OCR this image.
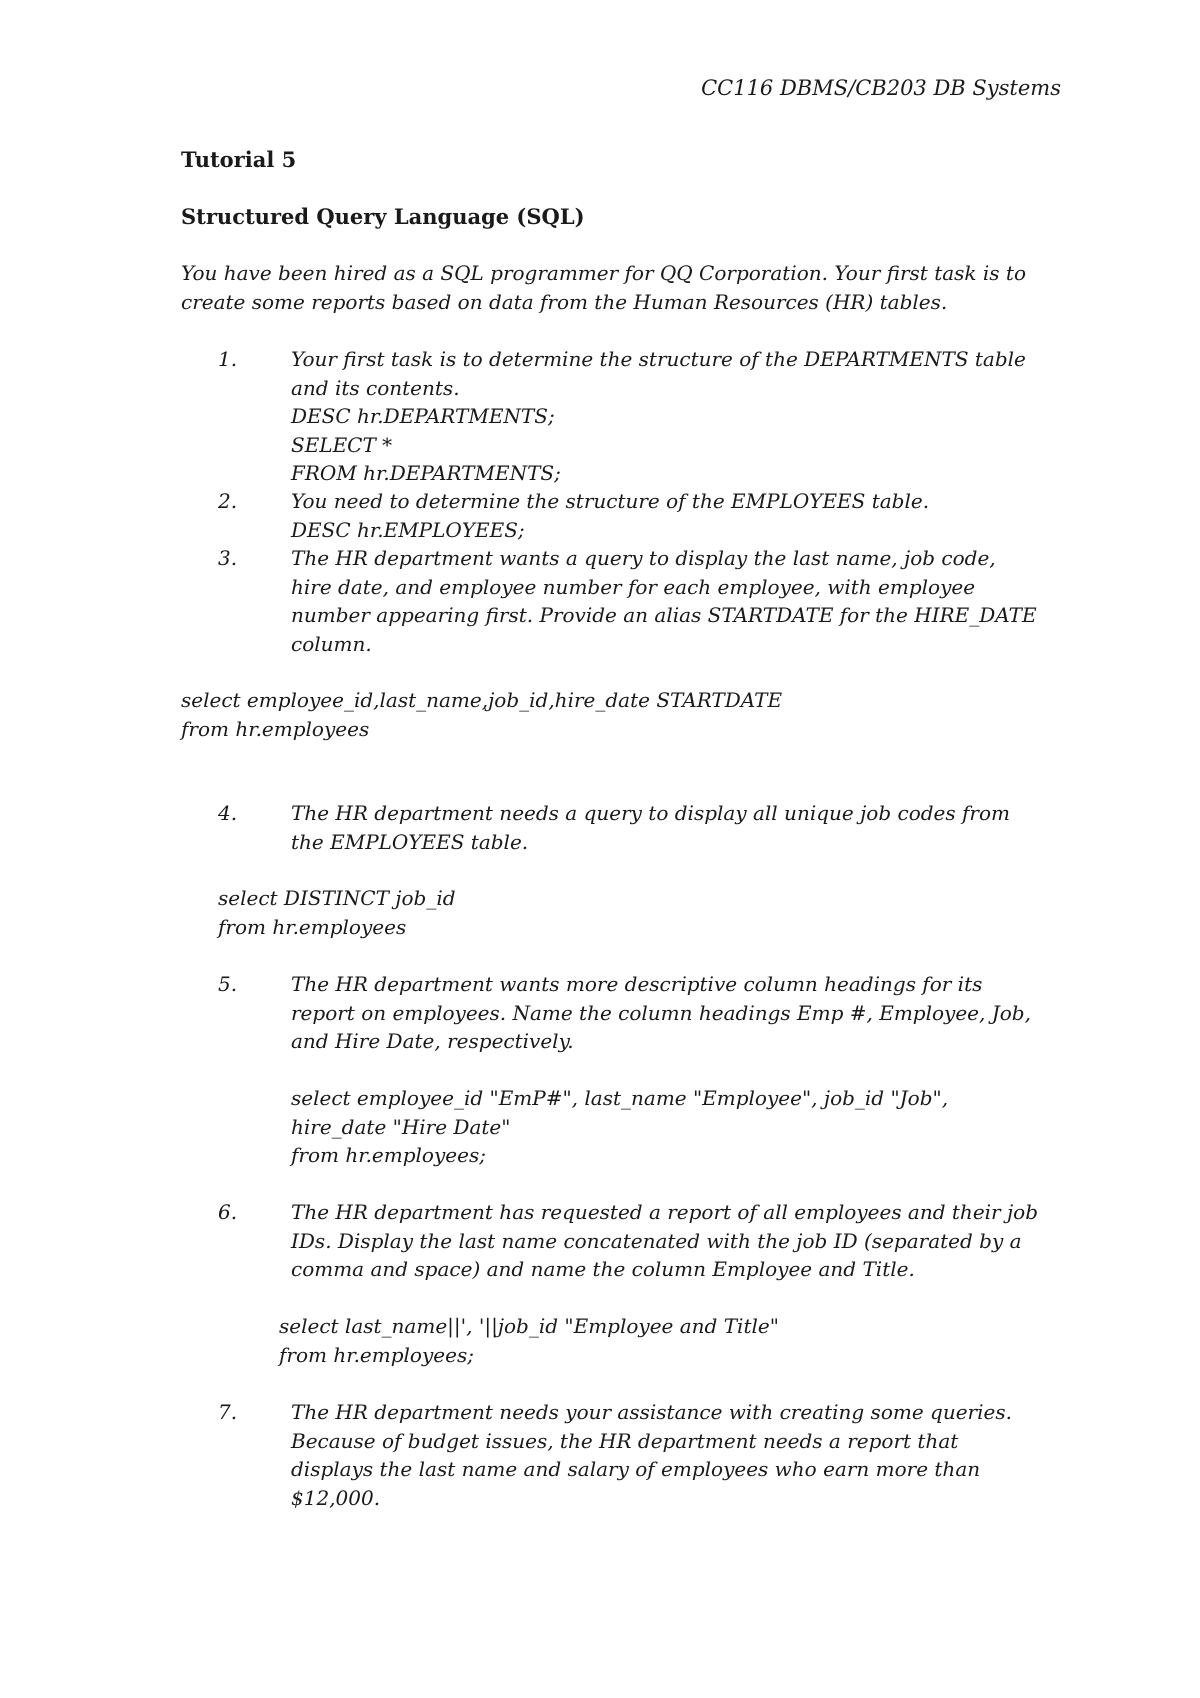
CC116 DBMS/CB203 DB Systems
Tutorial 5
Structured Query Language (SQL)
You have been hired as a SQL programmer for QQ Corporation. Your first task is to
create some reports based on data from the Human Resources (HR) tables.
1.	Your first task is to determine the structure of the DEPARTMENTS table
and its contents.
DESC hr.DEPARTMENTS;
SELECT *
FROM hr.DEPARTMENTS;
2.	You need to determine the structure of the EMPLOYEES table.
DESC hr.EMPLOYEES;
3.	The HR department wants a query to display the last name, job code,
hire date, and employee number for each employee, with employee
number appearing first. Provide an alias STARTDATE for the HIRE_DATE
column.
select employee_id,last_name,job_id,hire_date STARTDATE
from hr.employees
4.	The HR department needs a query to display all unique job codes from
the EMPLOYEES table.
select DISTINCT job_id
from hr.employees
5.	The HR department wants more descriptive column headings for its
report on employees. Name the column headings Emp #, Employee, Job,
and Hire Date, respectively.
select employee_id "EmP#", last_name "Employee", job_id "Job",
hire_date "Hire Date"
from hr.employees;
6.	The HR department has requested a report of all employees and their job
IDs. Display the last name concatenated with the job ID (separated by a
comma and space) and name the column Employee and Title.
select last_name||', '||job_id "Employee and Title"
from hr.employees;
7.	The HR department needs your assistance with creating some queries.
Because of budget issues, the HR department needs a report that
displays the last name and salary of employees who earn more than
$12,000.
